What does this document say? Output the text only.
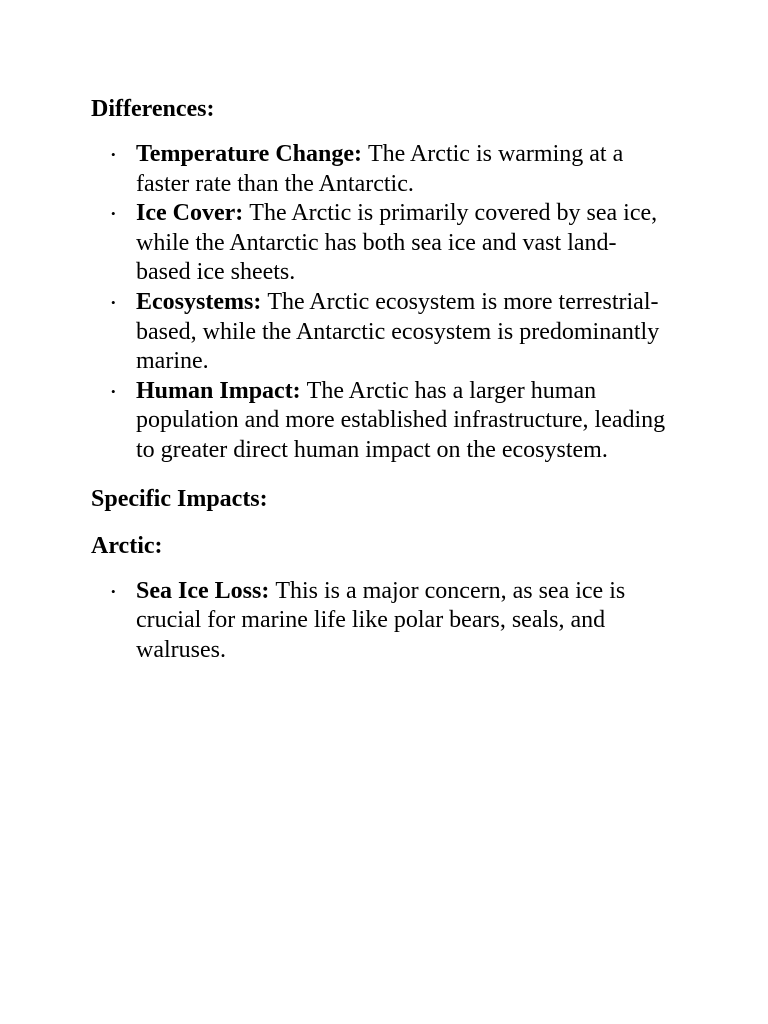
Differences:

• Temperature Change: The Arctic is warming at a faster rate than the Antarctic.
• Ice Cover: The Arctic is primarily covered by sea ice, while the Antarctic has both sea ice and vast land-based ice sheets.
• Ecosystems: The Arctic ecosystem is more terrestrial-based, while the Antarctic ecosystem is predominantly marine.
• Human Impact: The Arctic has a larger human population and more established infrastructure, leading to greater direct human impact on the ecosystem.

Specific Impacts:

Arctic:

• Sea Ice Loss: This is a major concern, as sea ice is crucial for marine life like polar bears, seals, and walruses.
